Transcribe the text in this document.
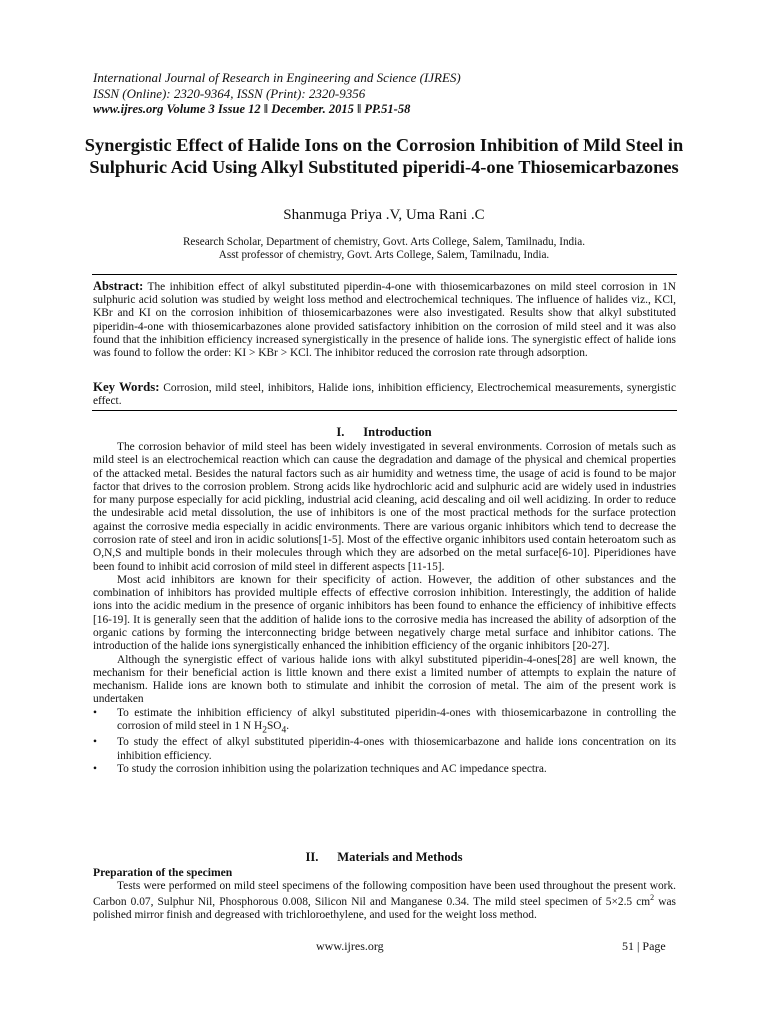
International Journal of Research in Engineering and Science (IJRES)
ISSN (Online): 2320-9364, ISSN (Print): 2320-9356
www.ijres.org Volume 3 Issue 12 ǁ December. 2015 ǁ PP.51-58
Synergistic Effect of Halide Ions on the Corrosion Inhibition of Mild Steel in Sulphuric Acid Using Alkyl Substituted piperidi-4-one Thiosemicarbazones
Shanmuga Priya .V, Uma Rani .C
Research Scholar, Department of chemistry, Govt. Arts College, Salem, Tamilnadu, India.
Asst professor of chemistry, Govt. Arts College, Salem, Tamilnadu, India.
Abstract: The inhibition effect of alkyl substituted piperdin-4-one with thiosemicarbazones on mild steel corrosion in 1N sulphuric acid solution was studied by weight loss method and electrochemical techniques. The influence of halides viz., KCl, KBr and KI on the corrosion inhibition of thiosemicarbazones were also investigated. Results show that alkyl substituted piperidin-4-one with thiosemicarbazones alone provided satisfactory inhibition on the corrosion of mild steel and it was also found that the inhibition efficiency increased synergistically in the presence of halide ions. The synergistic effect of halide ions was found to follow the order: KI > KBr > KCl. The inhibitor reduced the corrosion rate through adsorption.
Key Words: Corrosion, mild steel, inhibitors, Halide ions, inhibition efficiency, Electrochemical measurements, synergistic effect.
I.      Introduction

The corrosion behavior of mild steel has been widely investigated in several environments. Corrosion of metals such as mild steel is an electrochemical reaction which can cause the degradation and damage of the physical and chemical properties of the attacked metal. Besides the natural factors such as air humidity and wetness time, the usage of acid is found to be major factor that drives to the corrosion problem. Strong acids like hydrochloric acid and sulphuric acid are widely used in industries for many purpose especially for acid pickling, industrial acid cleaning, acid descaling and oil well acidizing. In order to reduce the undesirable acid metal dissolution, the use of inhibitors is one of the most practical methods for the surface protection against the corrosive media especially in acidic environments. There are various organic inhibitors which tend to decrease the corrosion rate of steel and iron in acidic solutions[1-5]. Most of the effective organic inhibitors used contain heteroatom such as O,N,S and multiple bonds in their molecules through which they are adsorbed on the metal surface[6-10]. Piperidiones have been found to inhibit acid corrosion of mild steel in different aspects [11-15].

Most acid inhibitors are known for their specificity of action. However, the addition of other substances and the combination of inhibitors has provided multiple effects of effective corrosion inhibition. Interestingly, the addition of halide ions into the acidic medium in the presence of organic inhibitors has been found to enhance the efficiency of inhibitive effects [16-19]. It is generally seen that the addition of halide ions to the corrosive media has increased the ability of adsorption of the organic cations by forming the interconnecting bridge between negatively charge metal surface and inhibitor cations. The introduction of the halide ions synergistically enhanced the inhibition efficiency of the organic inhibitors [20-27].

Although the synergistic effect of various halide ions with alkyl substituted piperidin-4-ones[28] are well known, the mechanism for their beneficial action is little known and there exist a limited number of attempts to explain the nature of mechanism. Halide ions are known both to stimulate and inhibit the corrosion of metal. The aim of the present work is undertaken

• To estimate the inhibition efficiency of alkyl substituted piperidin-4-ones with thiosemicarbazone in controlling the corrosion of mild steel in 1 N $H_2SO_4$.
• To study the effect of alkyl substituted piperidin-4-ones with thiosemicarbazone and halide ions concentration on its inhibition efficiency.
• To study the corrosion inhibition using the polarization techniques and AC impedance spectra.
II.      Materials and Methods
Preparation of the specimen

Tests were performed on mild steel specimens of the following composition have been used throughout the present work. Carbon 0.07, Sulphur Nil, Phosphorous 0.008, Silicon Nil and Manganese 0.34. The mild steel specimen of 5×2.5 $cm^2$ was polished mirror finish and degreased with trichloroethylene, and used for the weight loss method.

www.ijres.org	51 | Page
